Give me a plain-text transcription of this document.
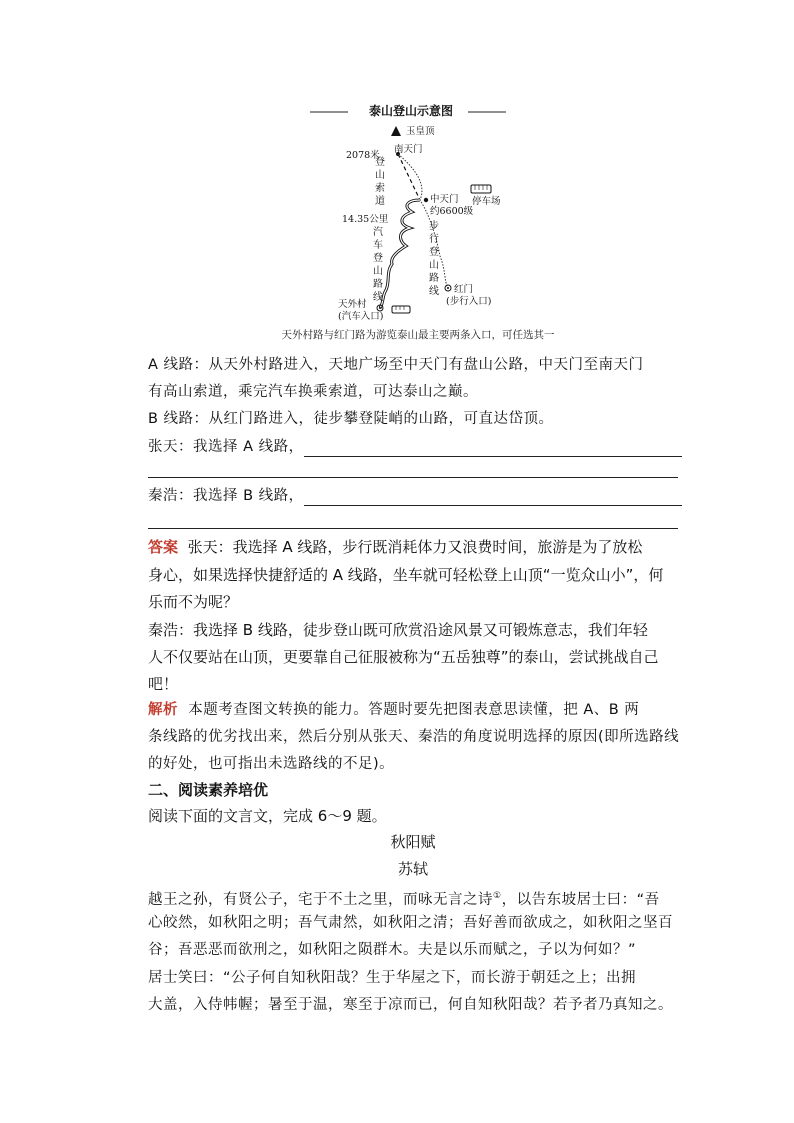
泰山登山示意图
玉皇顶
南天门
2078米
登山索道	中天门
约6600级
停车场
14.35公里
汽车登山路线
步行登山路线
天外村
(汽车入口)
红门
(步行入口)
天外村路与红门路为游览泰山最主要两条入口，可任选其一
A 线路：从天外村路进入，天地广场至中天门有盘山公路，中天门至南天门
有高山索道，乘完汽车换乘索道，可达泰山之巅。
B 线路：从红门路进入，徒步攀登陡峭的山路，可直达岱顶。
张天：我选择 A 线路，
秦浩：我选择 B 线路，
答案 张天：我选择 A 线路，步行既消耗体力又浪费时间，旅游是为了放松
身心，如果选择快捷舒适的 A 线路，坐车就可轻松登上山顶“一览众山小”，何
乐而不为呢？
秦浩：我选择 B 线路，徒步登山既可欣赏沿途风景又可锻炼意志，我们年轻
人不仅要站在山顶，更要靠自己征服被称为“五岳独尊”的泰山，尝试挑战自己
吧！
解析 本题考查图文转换的能力。答题时要先把图表意思读懂，把 A、B 两
条线路的优劣找出来，然后分别从张天、秦浩的角度说明选择的原因(即所选路线
的好处，也可指出未选路线的不足)。
二、阅读素养培优
阅读下面的文言文，完成 6～9 题。
秋阳赋
苏轼
越王之孙，有贤公子，宅于不土之里，而咏无言之诗①，以告东坡居士曰：“吾
心皎然，如秋阳之明；吾气肃然，如秋阳之清；吾好善而欲成之，如秋阳之坚百
谷；吾恶恶而欲刑之，如秋阳之陨群木。夫是以乐而赋之，子以为何如？”
居士笑曰：“公子何自知秋阳哉？生于华屋之下，而长游于朝廷之上；出拥
大盖，入侍帏幄；暑至于温，寒至于凉而已，何自知秋阳哉？若予者乃真知之。
